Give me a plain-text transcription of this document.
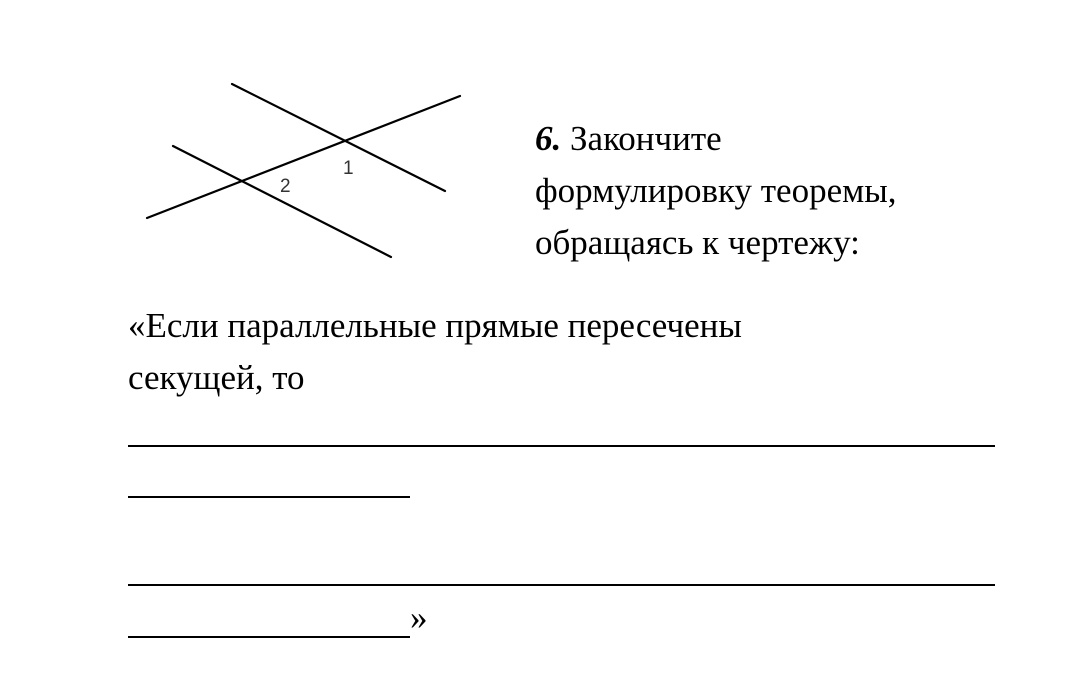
1
2
6. Закончите
формулировку теоремы,
обращаясь к чертежу:
«Если параллельные прямые пересечены
секущей, то
»
